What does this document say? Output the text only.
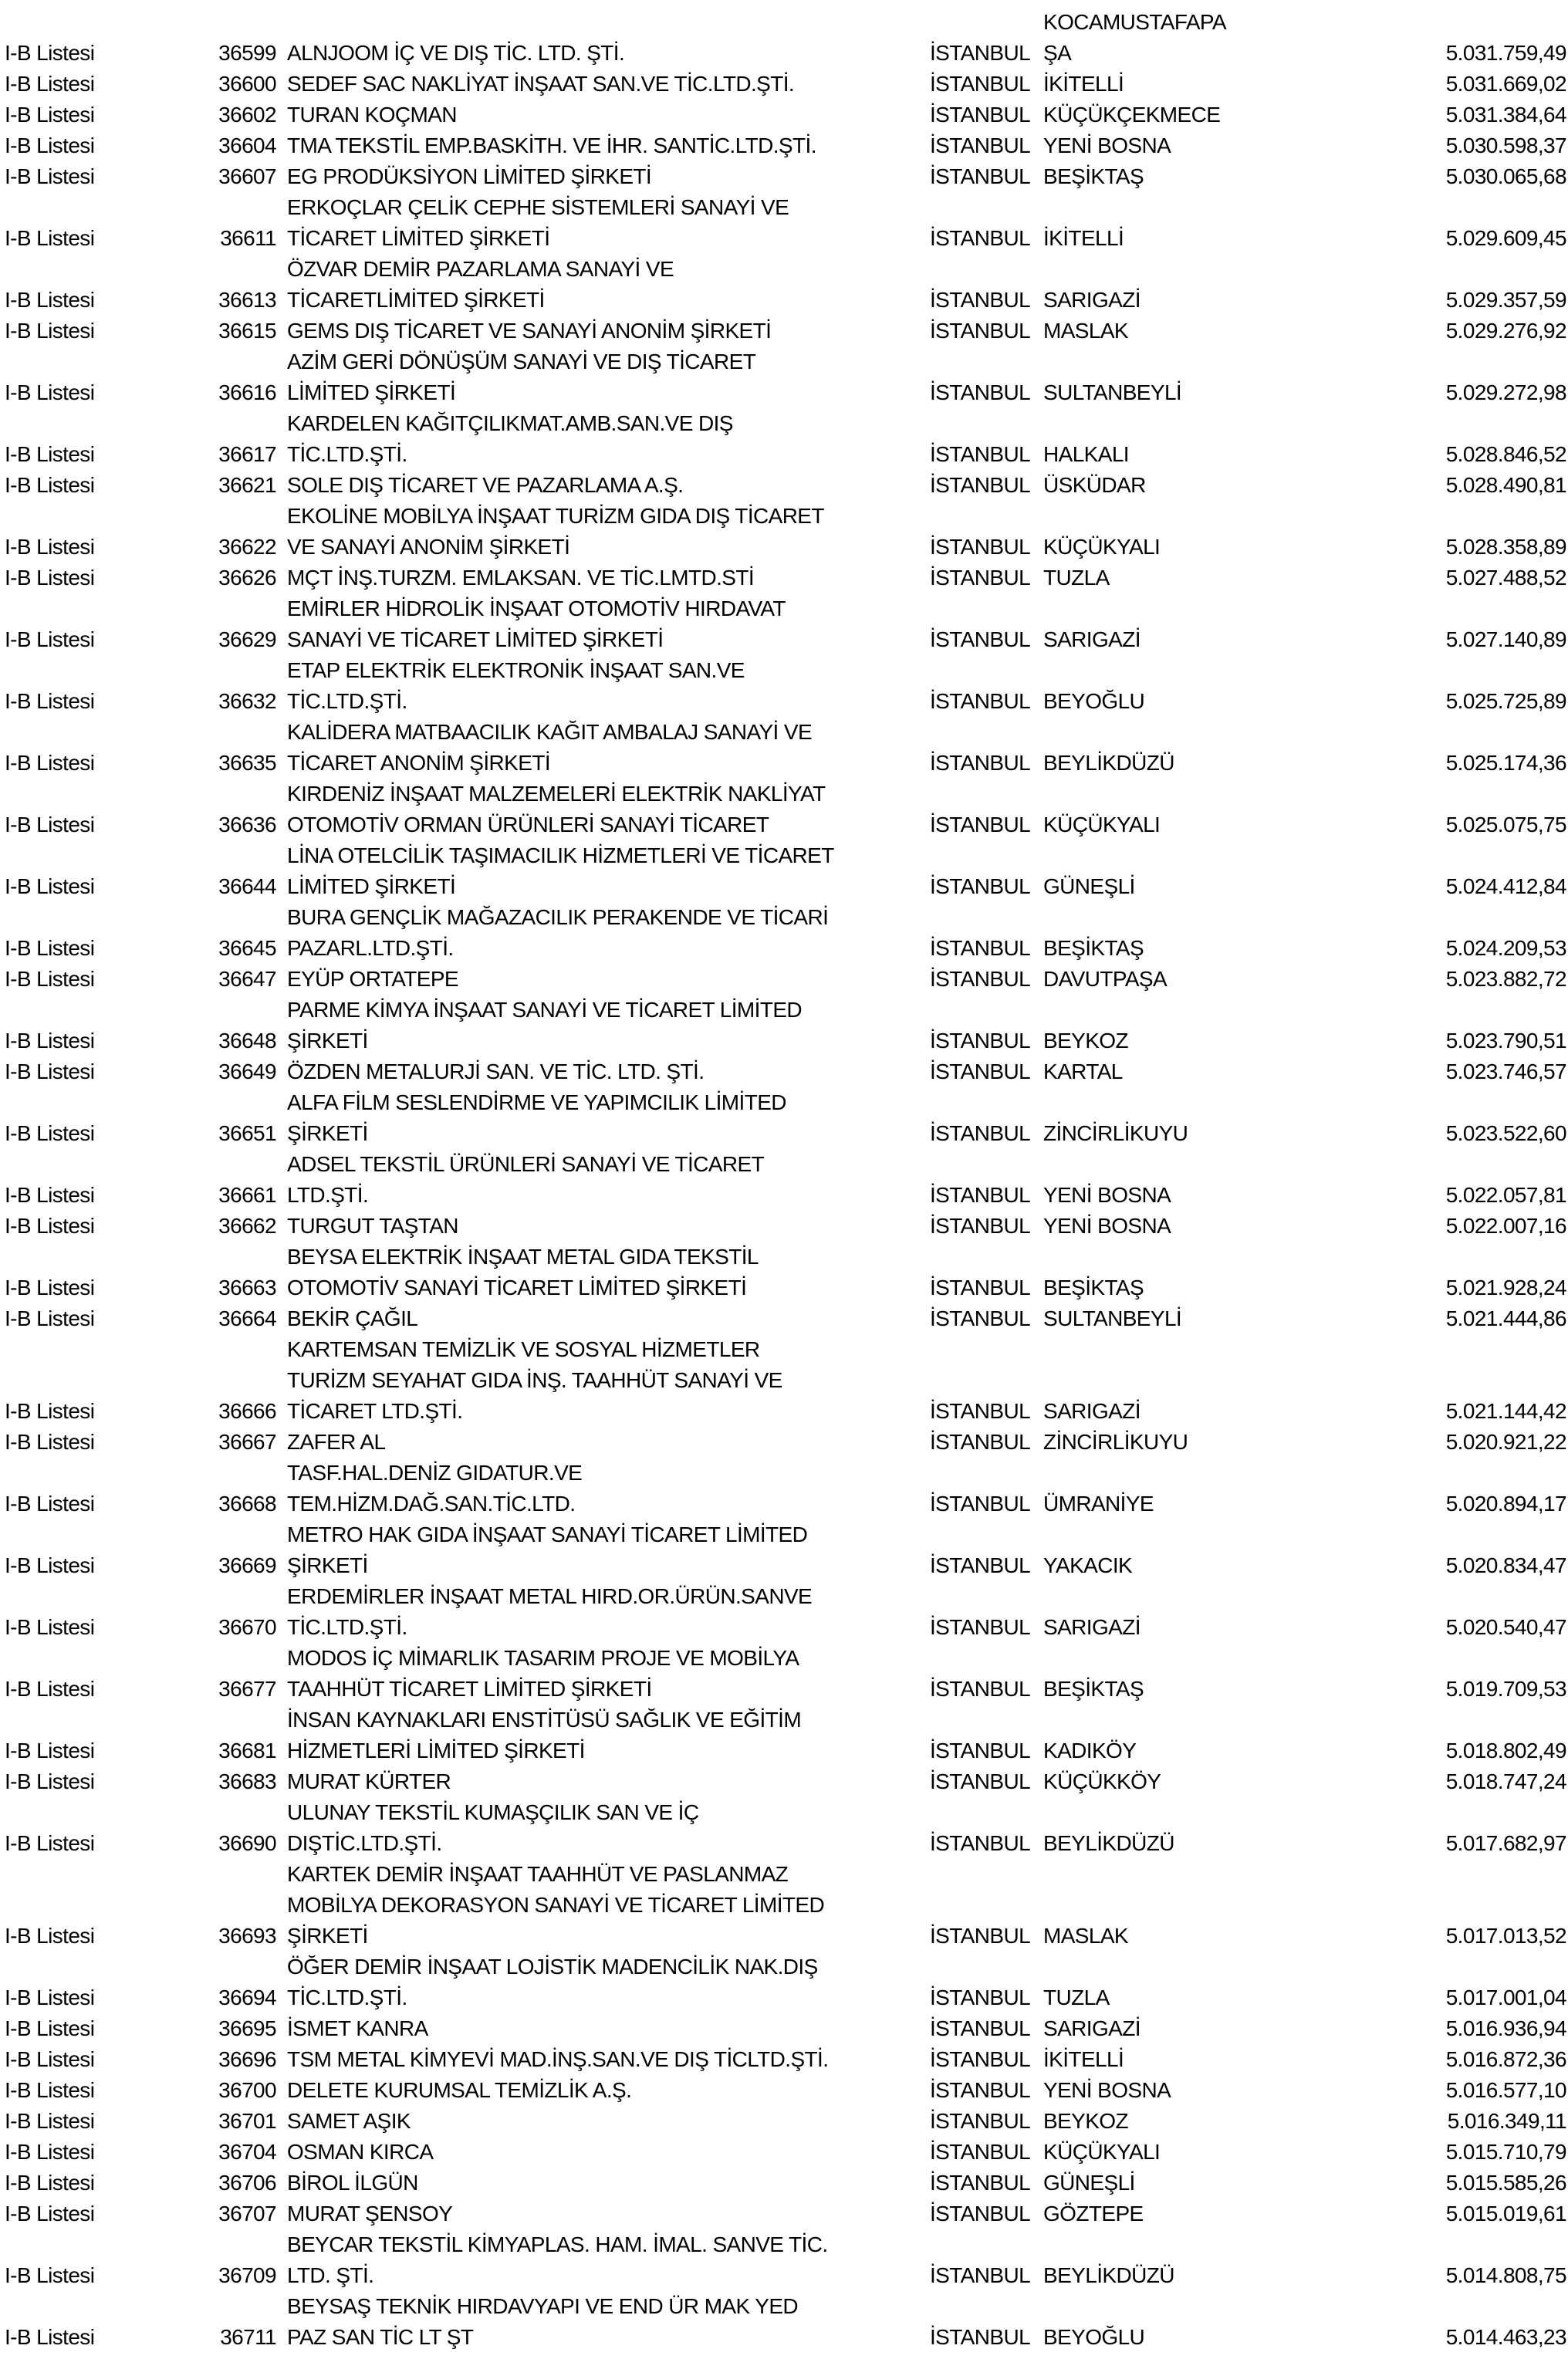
KOCAMUSTAFAPA
I-B Listesi	36599 ALNJOOM İÇ VE DIŞ TİC. LTD. ŞTİ.	İSTANBUL ŞA	5.031.759,49
I-B Listesi	36600 SEDEF SAC NAKLİYAT İNŞAAT SAN.VE TİC.LTD.ŞTİ.	İSTANBUL İKİTELLİ	5.031.669,02
I-B Listesi	36602 TURAN KOÇMAN	İSTANBUL KÜÇÜKÇEKMECE	5.031.384,64
I-B Listesi	36604 TMA TEKSTİL EMP.BASKİTH. VE İHR. SANTİC.LTD.ŞTİ.	İSTANBUL YENİ BOSNA	5.030.598,37
I-B Listesi	36607 EG PRODÜKSİYON LİMİTED ŞİRKETİ	İSTANBUL BEŞİKTAŞ	5.030.065,68
ERKOÇLAR ÇELİK CEPHE SİSTEMLERİ SANAYİ VE
I-B Listesi	36611 TİCARET LİMİTED ŞİRKETİ	İSTANBUL İKİTELLİ	5.029.609,45
ÖZVAR DEMİR PAZARLAMA SANAYİ VE
I-B Listesi	36613 TİCARETLİMİTED ŞİRKETİ	İSTANBUL SARIGAZİ	5.029.357,59
I-B Listesi	36615 GEMS DIŞ TİCARET VE SANAYİ ANONİM ŞİRKETİ	İSTANBUL MASLAK	5.029.276,92
AZİM GERİ DÖNÜŞÜM SANAYİ VE DIŞ TİCARET
I-B Listesi	36616 LİMİTED ŞİRKETİ	İSTANBUL SULTANBEYLİ	5.029.272,98
KARDELEN KAĞITÇILIKMAT.AMB.SAN.VE DIŞ
I-B Listesi	36617 TİC.LTD.ŞTİ.	İSTANBUL HALKALI	5.028.846,52
I-B Listesi	36621 SOLE DIŞ TİCARET VE PAZARLAMA A.Ş.	İSTANBUL ÜSKÜDAR	5.028.490,81
EKOLİNE MOBİLYA İNŞAAT TURİZM GIDA DIŞ TİCARET
I-B Listesi	36622 VE SANAYİ ANONİM ŞİRKETİ	İSTANBUL KÜÇÜKYALI	5.028.358,89
I-B Listesi	36626 MÇT İNŞ.TURZM. EMLAKSAN. VE TİC.LMTD.STİ	İSTANBUL TUZLA	5.027.488,52
EMİRLER HİDROLİK İNŞAAT OTOMOTİV HIRDAVAT
I-B Listesi	36629 SANAYİ VE TİCARET LİMİTED ŞİRKETİ	İSTANBUL SARIGAZİ	5.027.140,89
ETAP ELEKTRİK ELEKTRONİK İNŞAAT SAN.VE
I-B Listesi	36632 TİC.LTD.ŞTİ.	İSTANBUL BEYOĞLU	5.025.725,89
KALİDERA MATBAACILIK KAĞIT AMBALAJ SANAYİ VE
I-B Listesi	36635 TİCARET ANONİM ŞİRKETİ	İSTANBUL BEYLİKDÜZÜ	5.025.174,36
KIRDENİZ İNŞAAT MALZEMELERİ ELEKTRİK NAKLİYAT
I-B Listesi	36636 OTOMOTİV ORMAN ÜRÜNLERİ SANAYİ TİCARET	İSTANBUL KÜÇÜKYALI	5.025.075,75
LİNA OTELCİLİK TAŞIMACILIK HİZMETLERİ VE TİCARET
I-B Listesi	36644 LİMİTED ŞİRKETİ	İSTANBUL GÜNEŞLİ	5.024.412,84
BURA GENÇLİK MAĞAZACILIK PERAKENDE VE TİCARİ
I-B Listesi	36645 PAZARL.LTD.ŞTİ.	İSTANBUL BEŞİKTAŞ	5.024.209,53
I-B Listesi	36647 EYÜP ORTATEPE	İSTANBUL DAVUTPAŞA	5.023.882,72
PARME KİMYA İNŞAAT SANAYİ VE TİCARET LİMİTED
I-B Listesi	36648 ŞİRKETİ	İSTANBUL BEYKOZ	5.023.790,51
I-B Listesi	36649 ÖZDEN METALURJİ SAN. VE TİC. LTD. ŞTİ.	İSTANBUL KARTAL	5.023.746,57
ALFA FİLM SESLENDİRME VE YAPIMCILIK LİMİTED
I-B Listesi	36651 ŞİRKETİ	İSTANBUL ZİNCİRLİKUYU	5.023.522,60
ADSEL TEKSTİL ÜRÜNLERİ SANAYİ VE TİCARET
I-B Listesi	36661 LTD.ŞTİ.	İSTANBUL YENİ BOSNA	5.022.057,81
I-B Listesi	36662 TURGUT TAŞTAN	İSTANBUL YENİ BOSNA	5.022.007,16
BEYSA ELEKTRİK İNŞAAT METAL GIDA TEKSTİL
I-B Listesi	36663 OTOMOTİV SANAYİ TİCARET LİMİTED ŞİRKETİ	İSTANBUL BEŞİKTAŞ	5.021.928,24
I-B Listesi	36664 BEKİR ÇAĞIL	İSTANBUL SULTANBEYLİ	5.021.444,86
KARTEMSAN TEMİZLİK VE SOSYAL HİZMETLER
TURİZM SEYAHAT GIDA İNŞ. TAAHHÜT SANAYİ VE
I-B Listesi	36666 TİCARET LTD.ŞTİ.	İSTANBUL SARIGAZİ	5.021.144,42
I-B Listesi	36667 ZAFER AL	İSTANBUL ZİNCİRLİKUYU	5.020.921,22
TASF.HAL.DENİZ GIDATUR.VE
I-B Listesi	36668 TEM.HİZM.DAĞ.SAN.TİC.LTD.	İSTANBUL ÜMRANİYE	5.020.894,17
METRO HAK GIDA İNŞAAT SANAYİ TİCARET LİMİTED
I-B Listesi	36669 ŞİRKETİ	İSTANBUL YAKACIK	5.020.834,47
ERDEMİRLER İNŞAAT METAL HIRD.OR.ÜRÜN.SANVE
I-B Listesi	36670 TİC.LTD.ŞTİ.	İSTANBUL SARIGAZİ	5.020.540,47
MODOS İÇ MİMARLIK TASARIM PROJE VE MOBİLYA
I-B Listesi	36677 TAAHHÜT TİCARET LİMİTED ŞİRKETİ	İSTANBUL BEŞİKTAŞ	5.019.709,53
İNSAN KAYNAKLARI ENSTİTÜSÜ SAĞLIK VE EĞİTİM
I-B Listesi	36681 HİZMETLERİ LİMİTED ŞİRKETİ	İSTANBUL KADIKÖY	5.018.802,49
I-B Listesi	36683 MURAT KÜRTER	İSTANBUL KÜÇÜKKÖY	5.018.747,24
ULUNAY TEKSTİL KUMAŞÇILIK SAN VE İÇ
I-B Listesi	36690 DIŞTİC.LTD.ŞTİ.	İSTANBUL BEYLİKDÜZÜ	5.017.682,97
KARTEK DEMİR İNŞAAT TAAHHÜT VE PASLANMAZ
MOBİLYA DEKORASYON SANAYİ VE TİCARET LİMİTED
I-B Listesi	36693 ŞİRKETİ	İSTANBUL MASLAK	5.017.013,52
ÖĞER DEMİR İNŞAAT LOJİSTİK MADENCİLİK NAK.DIŞ
I-B Listesi	36694 TİC.LTD.ŞTİ.	İSTANBUL TUZLA	5.017.001,04
I-B Listesi	36695 İSMET KANRA	İSTANBUL SARIGAZİ	5.016.936,94
I-B Listesi	36696 TSM METAL KİMYEVİ MAD.İNŞ.SAN.VE DIŞ TİCLTD.ŞTİ.	İSTANBUL İKİTELLİ	5.016.872,36
I-B Listesi	36700 DELETE KURUMSAL TEMİZLİK A.Ş.	İSTANBUL YENİ BOSNA	5.016.577,10
I-B Listesi	36701 SAMET AŞIK	İSTANBUL BEYKOZ	5.016.349,11
I-B Listesi	36704 OSMAN KIRCA	İSTANBUL KÜÇÜKYALI	5.015.710,79
I-B Listesi	36706 BİROL İLGÜN	İSTANBUL GÜNEŞLİ	5.015.585,26
I-B Listesi	36707 MURAT ŞENSOY	İSTANBUL GÖZTEPE	5.015.019,61
BEYCAR TEKSTİL KİMYAPLAS. HAM. İMAL. SANVE TİC.
I-B Listesi	36709 LTD. ŞTİ.	İSTANBUL BEYLİKDÜZÜ	5.014.808,75
BEYSAŞ TEKNİK HIRDAVYAPI VE END ÜR MAK YED
I-B Listesi	36711 PAZ SAN TİC LT ŞT	İSTANBUL BEYOĞLU	5.014.463,23
